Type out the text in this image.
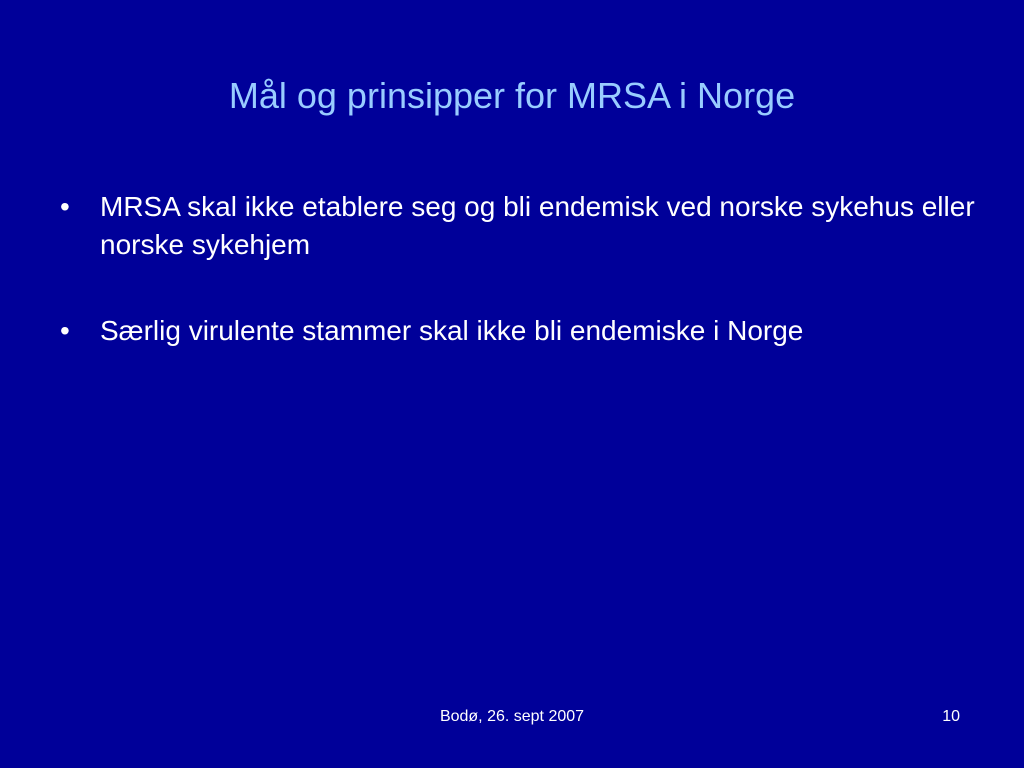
Mål og prinsipper for MRSA i Norge
•	MRSA skal ikke etablere seg og bli endemisk ved norske sykehus eller norske sykehjem
•	Særlig virulente stammer skal ikke bli endemiske i Norge
Bodø, 26. sept 2007	10
